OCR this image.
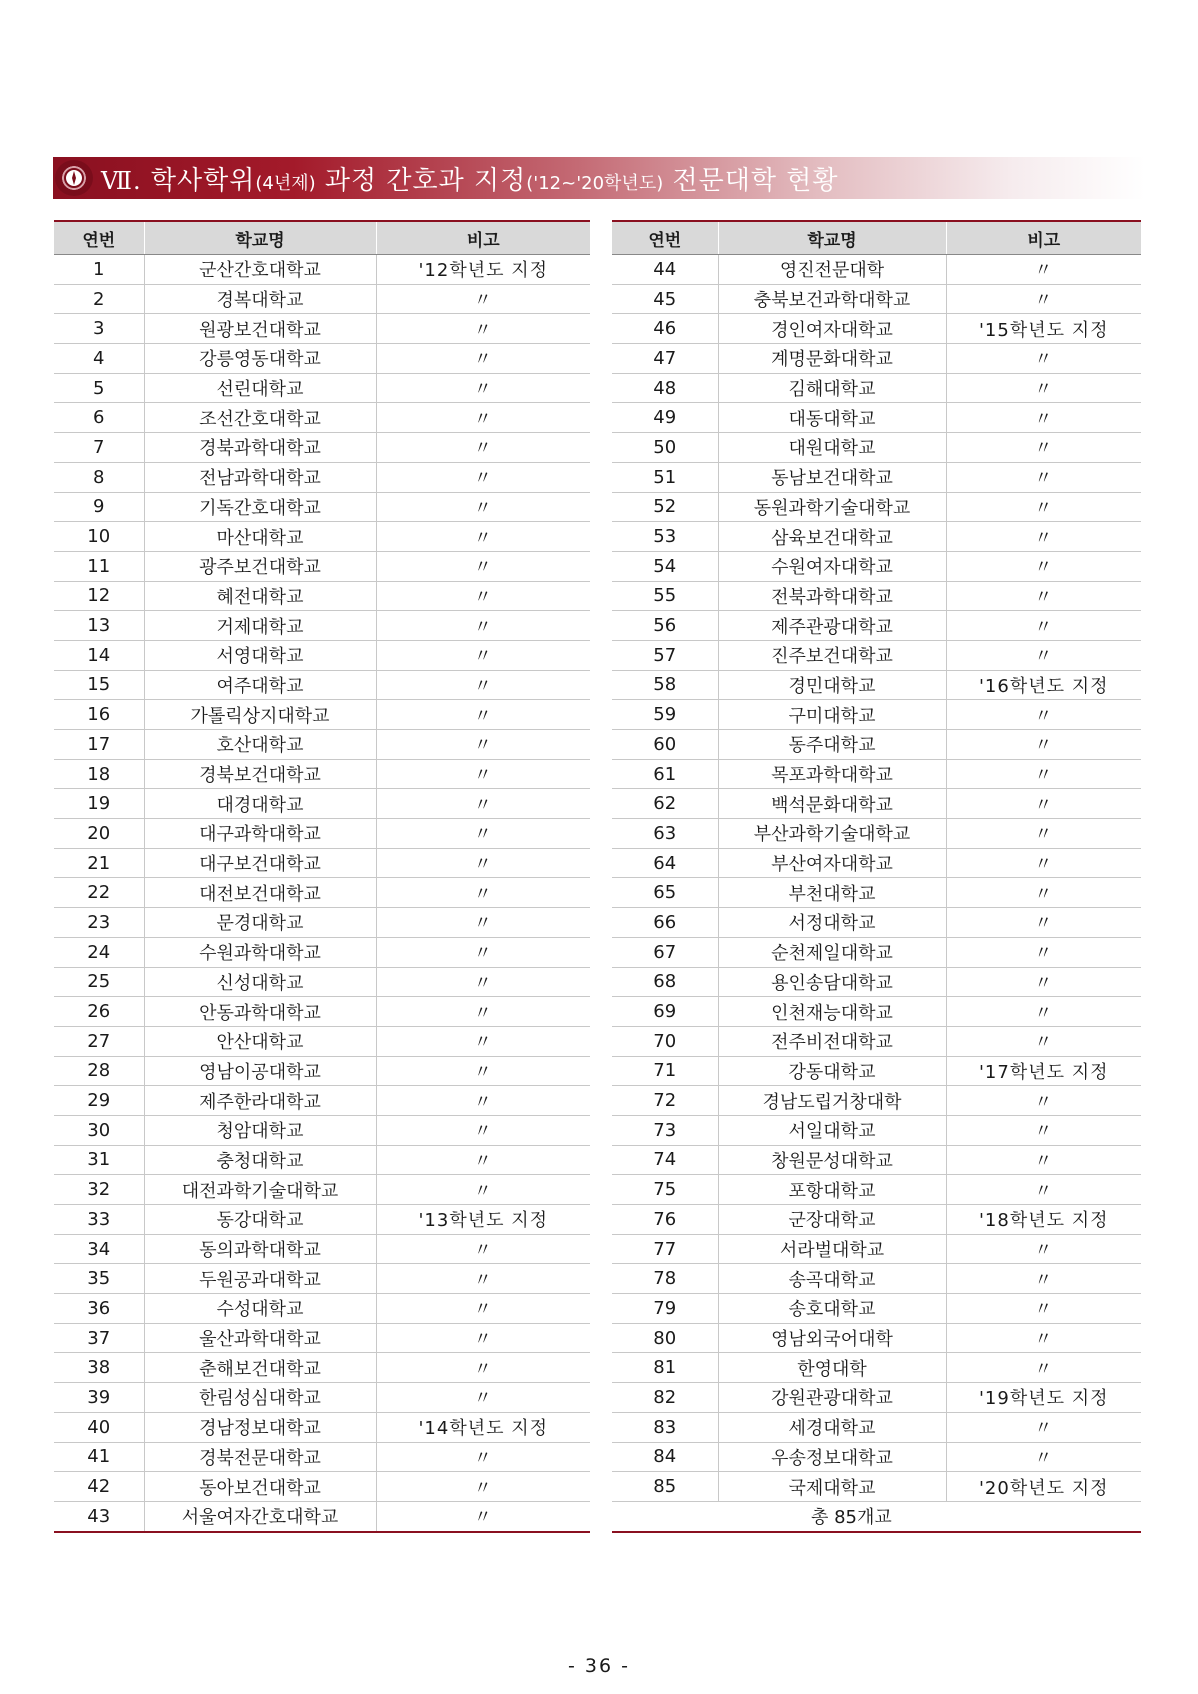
Ⅶ. 학사학위(4년제) 과정 간호과 지정('12~'20학년도) 전문대학 현황
연번	학교명	비고
1	군산간호대학교	'12학년도 지정
2	경복대학교	〃
3	원광보건대학교	〃
4	강릉영동대학교	〃
5	선린대학교	〃
6	조선간호대학교	〃
7	경북과학대학교	〃
8	전남과학대학교	〃
9	기독간호대학교	〃
10	마산대학교	〃
11	광주보건대학교	〃
12	혜전대학교	〃
13	거제대학교	〃
14	서영대학교	〃
15	여주대학교	〃
16	가톨릭상지대학교	〃
17	호산대학교	〃
18	경북보건대학교	〃
19	대경대학교	〃
20	대구과학대학교	〃
21	대구보건대학교	〃
22	대전보건대학교	〃
23	문경대학교	〃
24	수원과학대학교	〃
25	신성대학교	〃
26	안동과학대학교	〃
27	안산대학교	〃
28	영남이공대학교	〃
29	제주한라대학교	〃
30	청암대학교	〃
31	충청대학교	〃
32	대전과학기술대학교	〃
33	동강대학교	'13학년도 지정
34	동의과학대학교	〃
35	두원공과대학교	〃
36	수성대학교	〃
37	울산과학대학교	〃
38	춘해보건대학교	〃
39	한림성심대학교	〃
40	경남정보대학교	'14학년도 지정
41	경북전문대학교	〃
42	동아보건대학교	〃
43	서울여자간호대학교	〃
연번	학교명	비고
44	영진전문대학	〃
45	충북보건과학대학교	〃
46	경인여자대학교	'15학년도 지정
47	계명문화대학교	〃
48	김해대학교	〃
49	대동대학교	〃
50	대원대학교	〃
51	동남보건대학교	〃
52	동원과학기술대학교	〃
53	삼육보건대학교	〃
54	수원여자대학교	〃
55	전북과학대학교	〃
56	제주관광대학교	〃
57	진주보건대학교	〃
58	경민대학교	'16학년도 지정
59	구미대학교	〃
60	동주대학교	〃
61	목포과학대학교	〃
62	백석문화대학교	〃
63	부산과학기술대학교	〃
64	부산여자대학교	〃
65	부천대학교	〃
66	서정대학교	〃
67	순천제일대학교	〃
68	용인송담대학교	〃
69	인천재능대학교	〃
70	전주비전대학교	〃
71	강동대학교	'17학년도 지정
72	경남도립거창대학	〃
73	서일대학교	〃
74	창원문성대학교	〃
75	포항대학교	〃
76	군장대학교	'18학년도 지정
77	서라벌대학교	〃
78	송곡대학교	〃
79	송호대학교	〃
80	영남외국어대학	〃
81	한영대학	〃
82	강원관광대학교	'19학년도 지정
83	세경대학교	〃
84	우송정보대학교	〃
85	국제대학교	'20학년도 지정
	총 85개교	
- 36 -
